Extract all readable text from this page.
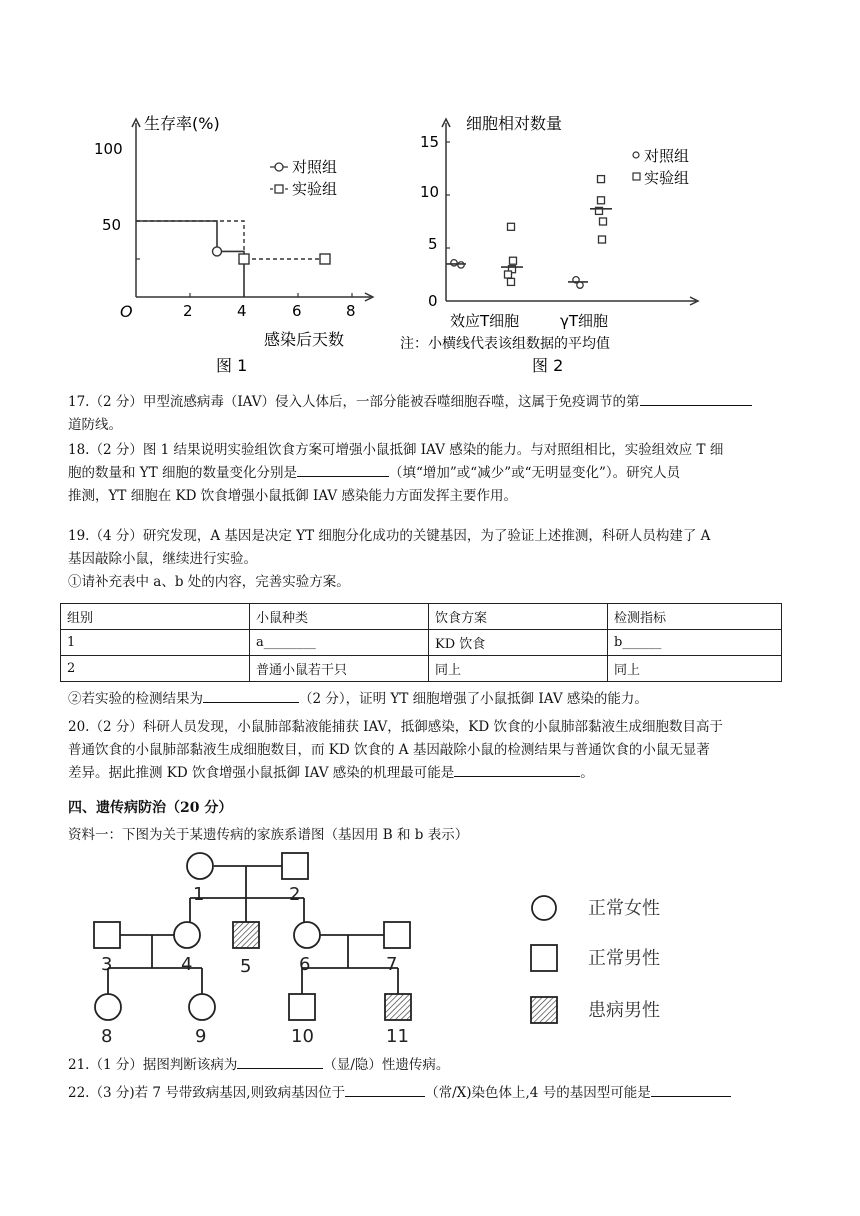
生存率(%)
感染后天数
图 1
O
100
50
2	4	6	8
对照组
实验组
细胞相对数量
15
10
5
0
效应T细胞	γT细胞
注：小横线代表该组数据的平均值
图 2
对照组
实验组

17.（2 分）甲型流感病毒（IAV）侵入人体后，一部分能被吞噬细胞吞噬，这属于免疫调节的第
道防线。

18.（2 分）图 1 结果说明实验组饮食方案可增强小鼠抵御 IAV 感染的能力。与对照组相比，实验组效应 T 细
胞的数量和 YT 细胞的数量变化分别是	（填“增加”或“减少”或“无明显变化”）。研究人员
推测，YT 细胞在 KD 饮食增强小鼠抵御 IAV 感染能力方面发挥主要作用。

19.（4 分）研究发现，A 基因是决定 YT 细胞分化成功的关键基因，为了验证上述推测，科研人员构建了 A
基因敲除小鼠，继续进行实验。
①请补充表中 a、b 处的内容，完善实验方案。

组别	小鼠种类	饮食方案	检测指标
1	a________	KD 饮食	b______
2	普通小鼠若干只	同上	同上

②若实验的检测结果为	（2 分），证明 YT 细胞增强了小鼠抵御 IAV 感染的能力。

20.（2 分）科研人员发现，小鼠肺部黏液能捕获 IAV，抵御感染，KD 饮食的小鼠肺部黏液生成细胞数目高于
普通饮食的小鼠肺部黏液生成细胞数目，而 KD 饮食的 A 基因敲除小鼠的检测结果与普通饮食的小鼠无显著
差异。据此推测 KD 饮食增强小鼠抵御 IAV 感染的机理最可能是	。

四、遗传病防治（20 分）

资料一：下图为关于某遗传病的家族系谱图（基因用 B 和 b 表示）

1	2
3	4	5	6	7
8	9	10	11
正常女性
正常男性
患病男性

21.（1 分）据图判断该病为	（显/隐）性遗传病。

22.（3 分)若 7 号带致病基因,则致病基因位于	（常/X)染色体上,4 号的基因型可能是
